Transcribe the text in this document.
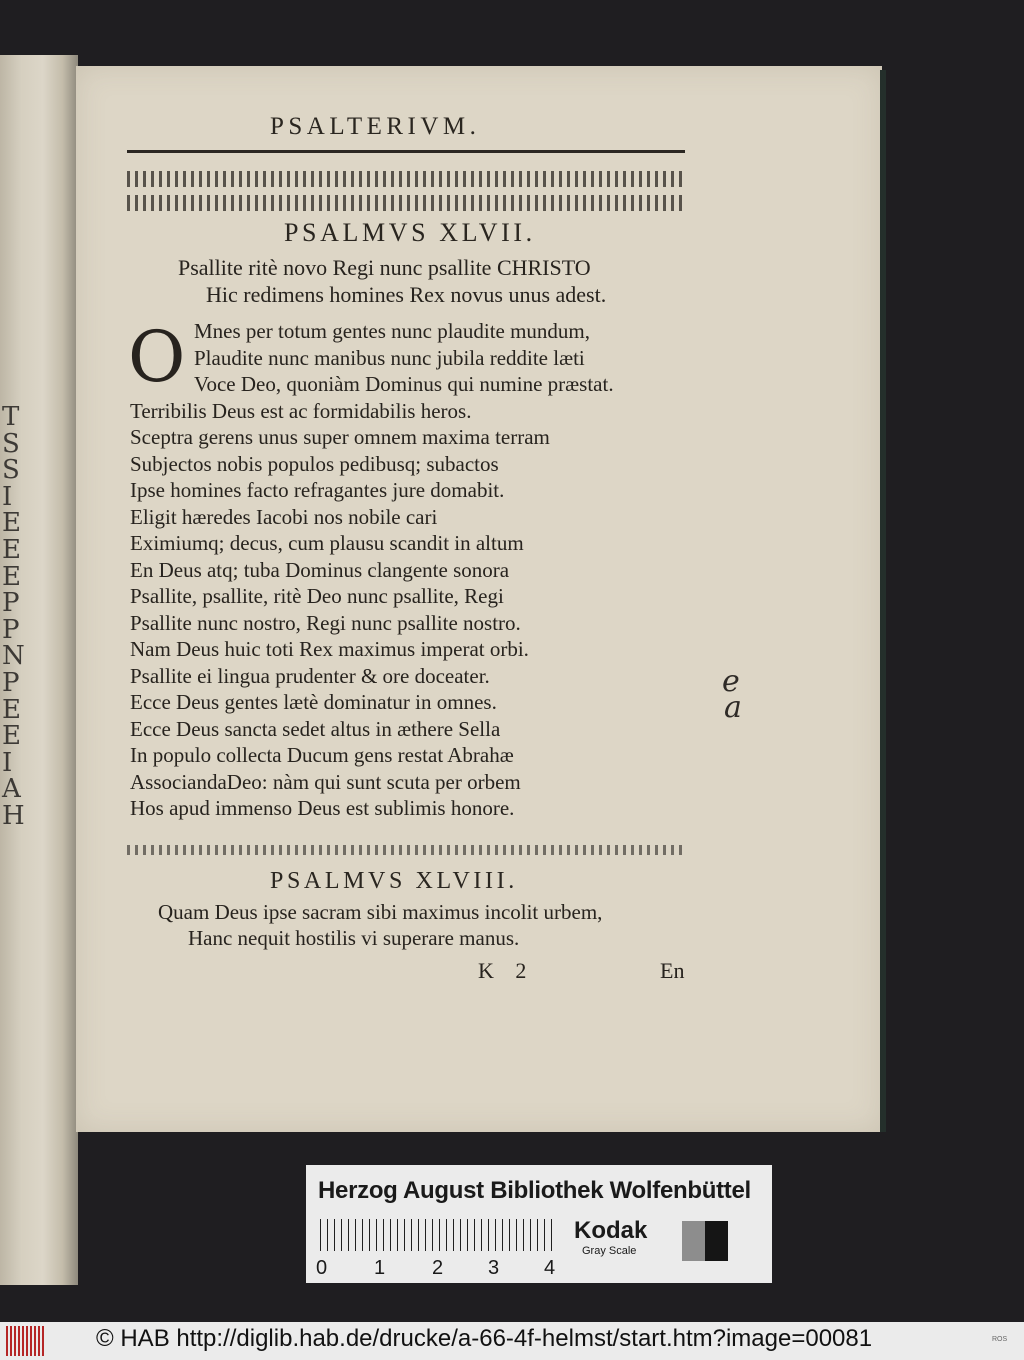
T
S
S
I
E
E
E
P
P
N
P
E
E
I
A
H
PSALTERIVM.
PSALMVS XLVII.
Psallite ritè novo Regi nunc psallite CHRISTO
Hic redimens homines Rex novus unus adest.
O Mnes per totum gentes nunc plaudite mundum,
Plaudite nunc manibus nunc jubila reddite læti
Voce Deo, quoniàm Dominus qui numine præstat.
Terribilis Deus est ac formidabilis heros.
Sceptra gerens unus super omnem maxima terram
Subjectos nobis populos pedibusq; subactos
Ipse homines facto refragantes jure domabit.
Eligit hæredes Iacobi nos nobile cari
Eximiumq; decus, cum plausu scandit in altum
En Deus atq; tuba Dominus clangente sonora
Psallite, psallite, ritè Deo nunc psallite, Regi
Psallite nunc nostro, Regi nunc psallite nostro.
Nam Deus huic toti Rex maximus imperat orbi.
Psallite ei lingua prudenter & ore doceater.
Ecce Deus gentes lætè dominatur in omnes.
Ecce Deus sancta sedet altus in æthere Sella
In populo collecta Ducum gens restat Abrahæ
AssociandaDeo: nàm qui sunt scuta per orbem
Hos apud immenso Deus est sublimis honore.
e
a
PSALMVS XLVIII.
Quam Deus ipse sacram sibi maximus incolit urbem,
Hanc nequit hostilis vi superare manus.
K 2	En
Herzog August Bibliothek Wolfenbüttel
0 1 2 3 4
Kodak
Gray Scale
© HAB http://diglib.hab.de/drucke/a-66-4f-helmst/start.htm?image=00081	ROS
